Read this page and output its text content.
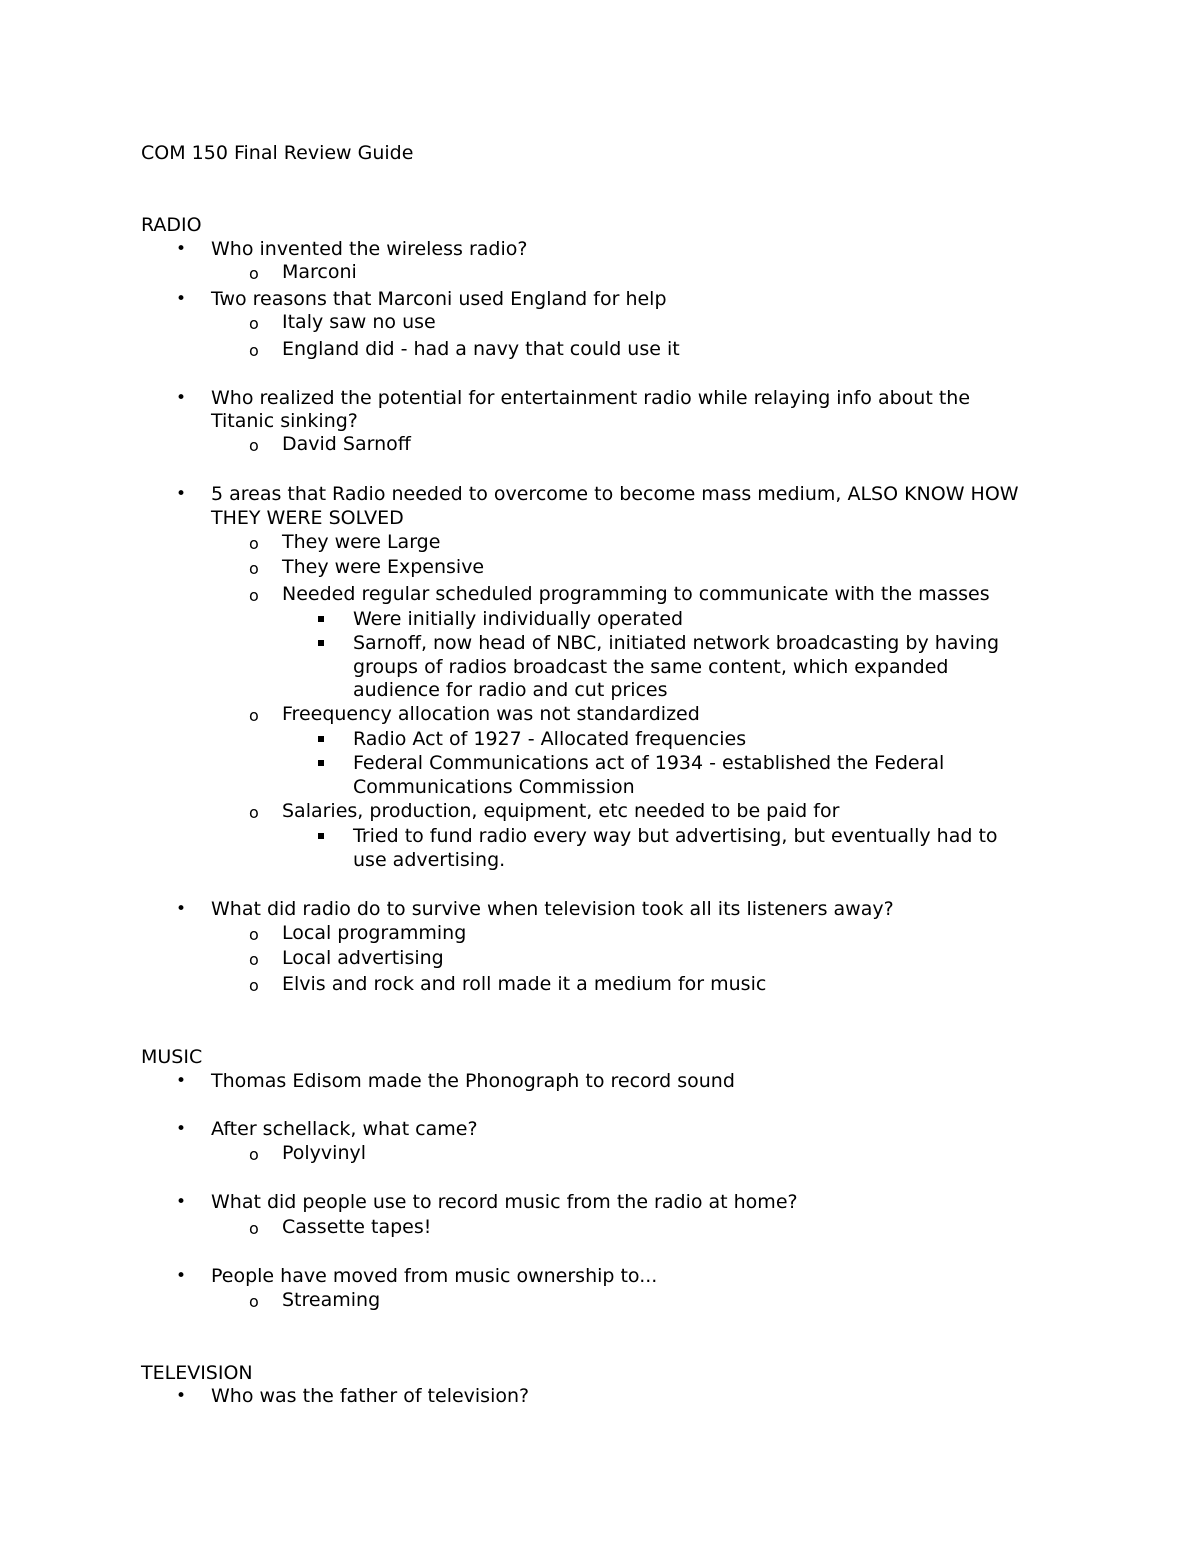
COM 150 Final Review Guide
RADIO
• Who invented the wireless radio?
o Marconi
• Two reasons that Marconi used England for help
o Italy saw no use
o England did - had a navy that could use it
• Who realized the potential for entertainment radio while relaying info about the
Titanic sinking?
o David Sarnoff
• 5 areas that Radio needed to overcome to become mass medium, ALSO KNOW HOW
THEY WERE SOLVED
o They were Large
o They were Expensive
o Needed regular scheduled programming to communicate with the masses
Were initially individually operated
Sarnoff, now head of NBC, initiated network broadcasting by having
groups of radios broadcast the same content, which expanded
audience for radio and cut prices
o Freequency allocation was not standardized
Radio Act of 1927 - Allocated frequencies
Federal Communications act of 1934 - established the Federal
Communications Commission
o Salaries, production, equipment, etc needed to be paid for
Tried to fund radio every way but advertising, but eventually had to
use advertising.
• What did radio do to survive when television took all its listeners away?
o Local programming
o Local advertising
o Elvis and rock and roll made it a medium for music
MUSIC
• Thomas Edisom made the Phonograph to record sound
• After schellack, what came?
o Polyvinyl
• What did people use to record music from the radio at home?
o Cassette tapes!
• People have moved from music ownership to...
o Streaming
TELEVISION
• Who was the father of television?
